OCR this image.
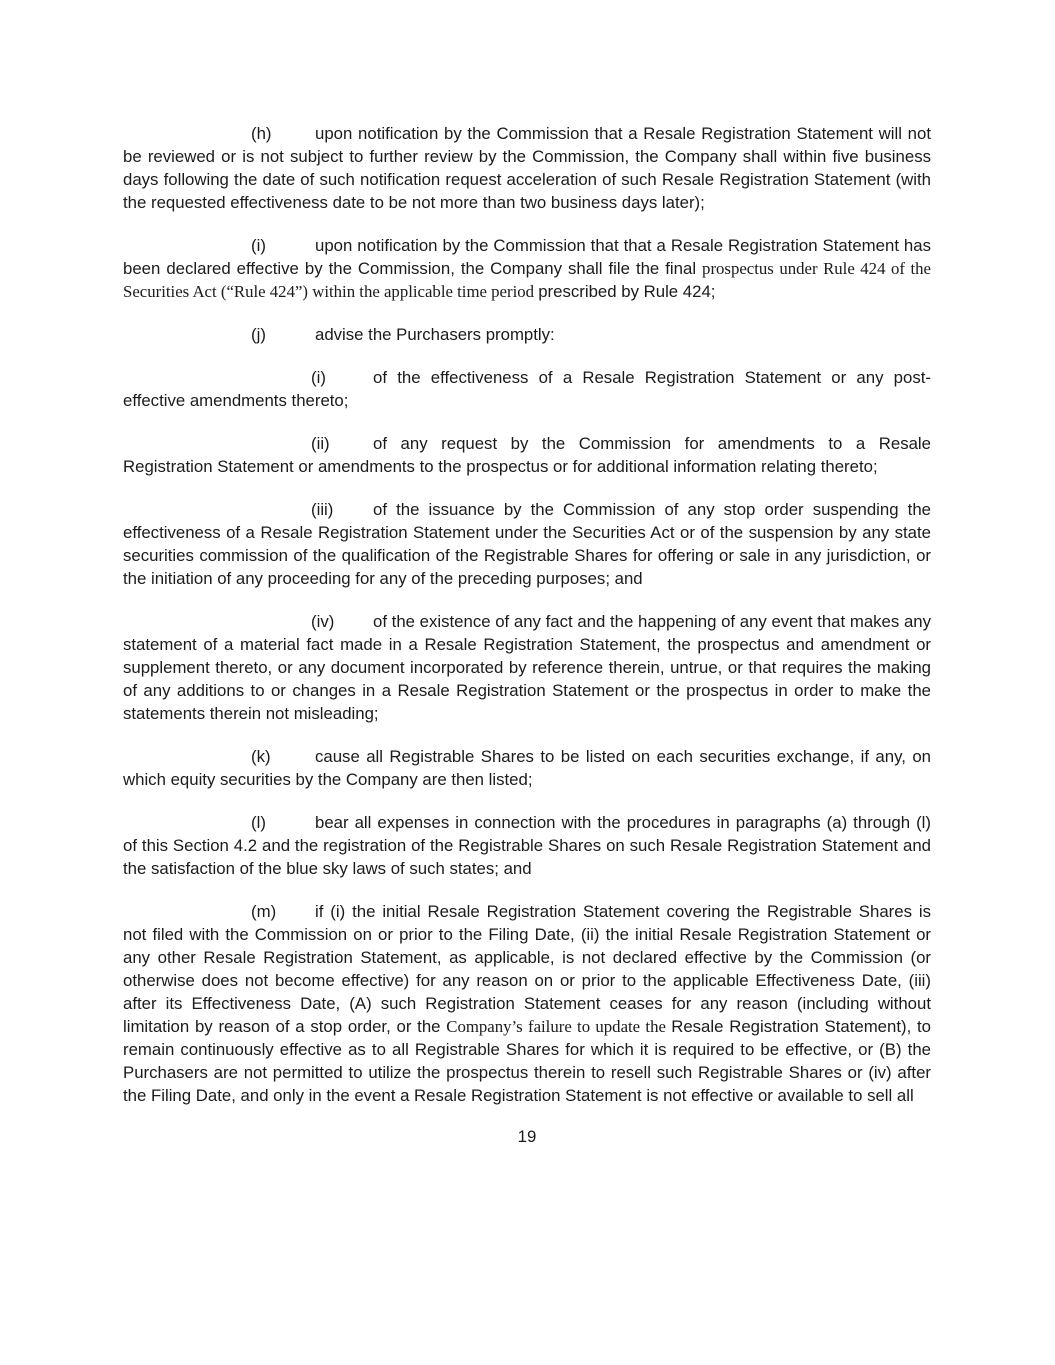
(h)	upon notification by the Commission that a Resale Registration Statement will not be reviewed or is not subject to further review by the Commission, the Company shall within five business days following the date of such notification request acceleration of such Resale Registration Statement (with the requested effectiveness date to be not more than two business days later);

(i)	upon notification by the Commission that that a Resale Registration Statement has been declared effective by the Commission, the Company shall file the final prospectus under Rule 424 of the Securities Act (“Rule 424”) within the applicable time period prescribed by Rule 424;

(j)	advise the Purchasers promptly:

(i)	of the effectiveness of a Resale Registration Statement or any post-effective amendments thereto;

(ii)	of any request by the Commission for amendments to a Resale Registration Statement or amendments to the prospectus or for additional information relating thereto;

(iii) of the issuance by the Commission of any stop order suspending the effectiveness of a Resale Registration Statement under the Securities Act or of the suspension by any state securities commission of the qualification of the Registrable Shares for offering or sale in any jurisdiction, or the initiation of any proceeding for any of the preceding purposes; and

(iv) of the existence of any fact and the happening of any event that makes any statement of a material fact made in a Resale Registration Statement, the prospectus and amendment or supplement thereto, or any document incorporated by reference therein, untrue, or that requires the making of any additions to or changes in a Resale Registration Statement or the prospectus in order to make the statements therein not misleading;

(k)	cause all Registrable Shares to be listed on each securities exchange, if any, on which equity securities by the Company are then listed;

(l)	bear all expenses in connection with the procedures in paragraphs (a) through (l) of this Section 4.2 and the registration of the Registrable Shares on such Resale Registration Statement and the satisfaction of the blue sky laws of such states; and

(m) if (i) the initial Resale Registration Statement covering the Registrable Shares is not filed with the Commission on or prior to the Filing Date, (ii) the initial Resale Registration Statement or any other Resale Registration Statement, as applicable, is not declared effective by the Commission (or otherwise does not become effective) for any reason on or prior to the applicable Effectiveness Date, (iii) after its Effectiveness Date, (A) such Registration Statement ceases for any reason (including without limitation by reason of a stop order, or the Company’s failure to update the Resale Registration Statement), to remain continuously effective as to all Registrable Shares for which it is required to be effective, or (B) the Purchasers are not permitted to utilize the prospectus therein to resell such Registrable Shares or (iv) after the Filing Date, and only in the event a Resale Registration Statement is not effective or available to sell all

19
